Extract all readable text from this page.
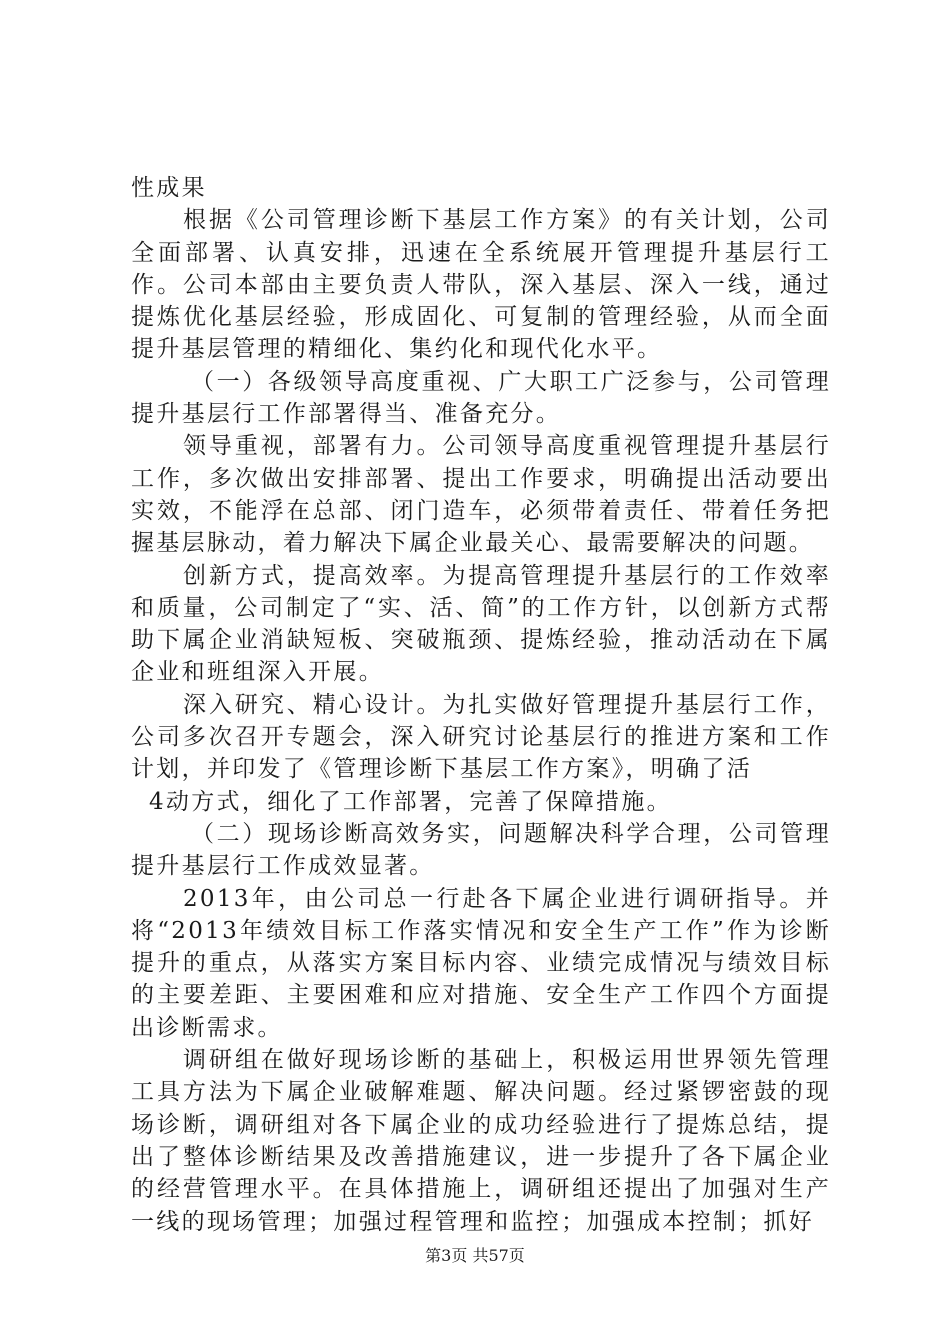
性成果

根据《公司管理诊断下基层工作方案》的有关计划，公司全面部署、认真安排，迅速在全系统展开管理提升基层行工作。公司本部由主要负责人带队，深入基层、深入一线，通过提炼优化基层经验，形成固化、可复制的管理经验，从而全面提升基层管理的精细化、集约化和现代化水平。

（一）各级领导高度重视、广大职工广泛参与，公司管理提升基层行工作部署得当、准备充分。

领导重视，部署有力。公司领导高度重视管理提升基层行工作，多次做出安排部署、提出工作要求，明确提出活动要出实效，不能浮在总部、闭门造车，必须带着责任、带着任务把握基层脉动，着力解决下属企业最关心、最需要解决的问题。

创新方式，提高效率。为提高管理提升基层行的工作效率和质量，公司制定了“实、活、简”的工作方针，以创新方式帮助下属企业消缺短板、突破瓶颈、提炼经验，推动活动在下属企业和班组深入开展。

深入研究、精心设计。为扎实做好管理提升基层行工作，公司多次召开专题会，深入研究讨论基层行的推进方案和工作计划，并印发了《管理诊断下基层工作方案》，明确了活

4动方式，细化了工作部署，完善了保障措施。

（二）现场诊断高效务实，问题解决科学合理，公司管理提升基层行工作成效显著。

2013年，由公司总一行赴各下属企业进行调研指导。并将“2013年绩效目标工作落实情况和安全生产工作”作为诊断提升的重点，从落实方案目标内容、业绩完成情况与绩效目标的主要差距、主要困难和应对措施、安全生产工作四个方面提出诊断需求。

调研组在做好现场诊断的基础上，积极运用世界领先管理工具方法为下属企业破解难题、解决问题。经过紧锣密鼓的现场诊断，调研组对各下属企业的成功经验进行了提炼总结，提出了整体诊断结果及改善措施建议，进一步提升了各下属企业的经营管理水平。在具体措施上，调研组还提出了加强对生产一线的现场管理；加强过程管理和监控；加强成本控制；抓好

第3页 共57页
